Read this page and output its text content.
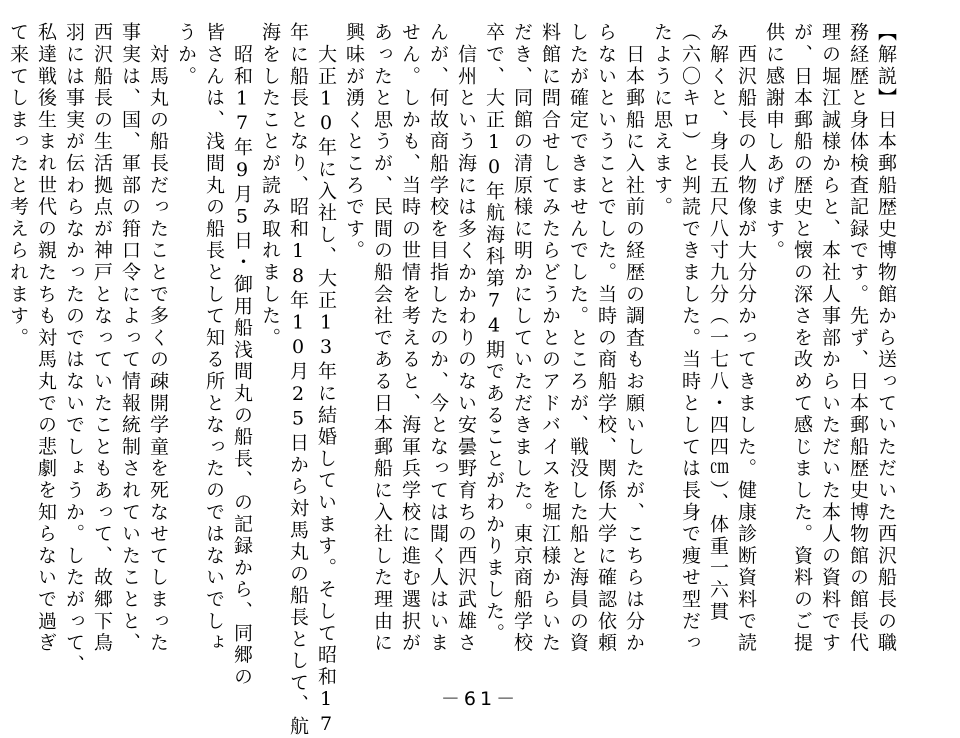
【解説】日本郵船歴史博物館から送っていただいた西沢船長の職
務経歴と身体検査記録です。先ず、日本郵船歴史博物館の館長代
理の堀江誠様からと、本社人事部からいただいた本人の資料です
が、日本郵船の歴史と懐の深さを改めて感じました。資料のご提
供に感謝申しあげます。
　西沢船長の人物像が大分分かってきました。健康診断資料で読
み解くと、身長五尺八寸九分（一七八・四四㎝）、体重一六貫
（六〇キロ）と判読できました。当時としては長身で痩せ型だっ
たように思えます。
　日本郵船に入社前の経歴の調査もお願いしたが、こちらは分か
らないということでした。当時の商船学校、関係大学に確認依頼
したが確定できませんでした。ところが、戦没した船と海員の資
料館に問合せしてみたらどうかとのアドバイスを堀江様からいた
だき、同館の清原様に明かにしていただきました。東京商船学校
卒で、大正10年航海科第74期であることがわかりました。
　信州という海には多くかかわりのない安曇野育ちの西沢武雄さ
んが、何故商船学校を目指したのか、今となっては聞く人はいま
せん。しかも、当時の世情を考えると、海軍兵学校に進む選択が
あったと思うが、民間の船会社である日本郵船に入社した理由に
興味が湧くところです。
　大正10年に入社し、大正13年に結婚しています。そして昭和17
年に船長となり、昭和18年10月25日から対馬丸の船長として、航
海をしたことが読み取れました。
　昭和17年9月5日・御用船浅間丸の船長、の記録から、同郷の
皆さんは、浅間丸の船長として知る所となったのではないでしょ
うか。
　対馬丸の船長だったことで多くの疎開学童を死なせてしまった
事実は、国、軍部の箝口令によって情報統制されていたことと、
西沢船長の生活拠点が神戸となっていたこともあって、故郷下鳥
羽には事実が伝わらなかったのではないでしょうか。したがって、
私達戦後生まれ世代の親たちも対馬丸での悲劇を知らないで過ぎ
て来てしまったと考えられます。
－61－
